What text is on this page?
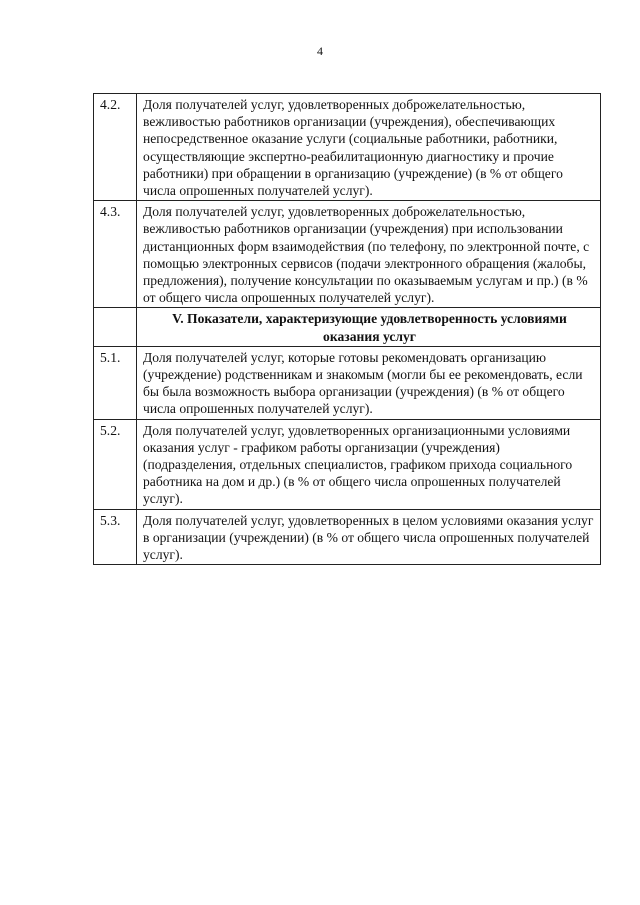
4
4.2.	Доля получателей услуг, удовлетворенных доброжелательностью, вежливостью работников организации (учреждения), обеспечивающих непосредственное оказание услуги (социальные работники, работники, осуществляющие экспертно-реабилитационную диагностику и прочие работники) при обращении в организацию (учреждение) (в % от общего числа опрошенных получателей услуг).
4.3.	Доля получателей услуг, удовлетворенных доброжелательностью, вежливостью работников организации (учреждения) при использовании дистанционных форм взаимодействия (по телефону, по электронной почте, с помощью электронных сервисов (подачи электронного обращения (жалобы, предложения), получение консультации по оказываемым услугам и пр.) (в % от общего числа опрошенных получателей услуг).
	V. Показатели, характеризующие удовлетворенность условиями оказания услуг
5.1.	Доля получателей услуг, которые готовы рекомендовать организацию (учреждение) родственникам и знакомым (могли бы ее рекомендовать, если бы была возможность выбора организации (учреждения) (в % от общего числа опрошенных получателей услуг).
5.2.	Доля получателей услуг, удовлетворенных организационными условиями оказания услуг - графиком работы организации (учреждения) (подразделения, отдельных специалистов, графиком прихода социального работника на дом и др.) (в % от общего числа опрошенных получателей услуг).
5.3.	Доля получателей услуг, удовлетворенных в целом условиями оказания услуг в организации (учреждении) (в % от общего числа опрошенных получателей услуг).
